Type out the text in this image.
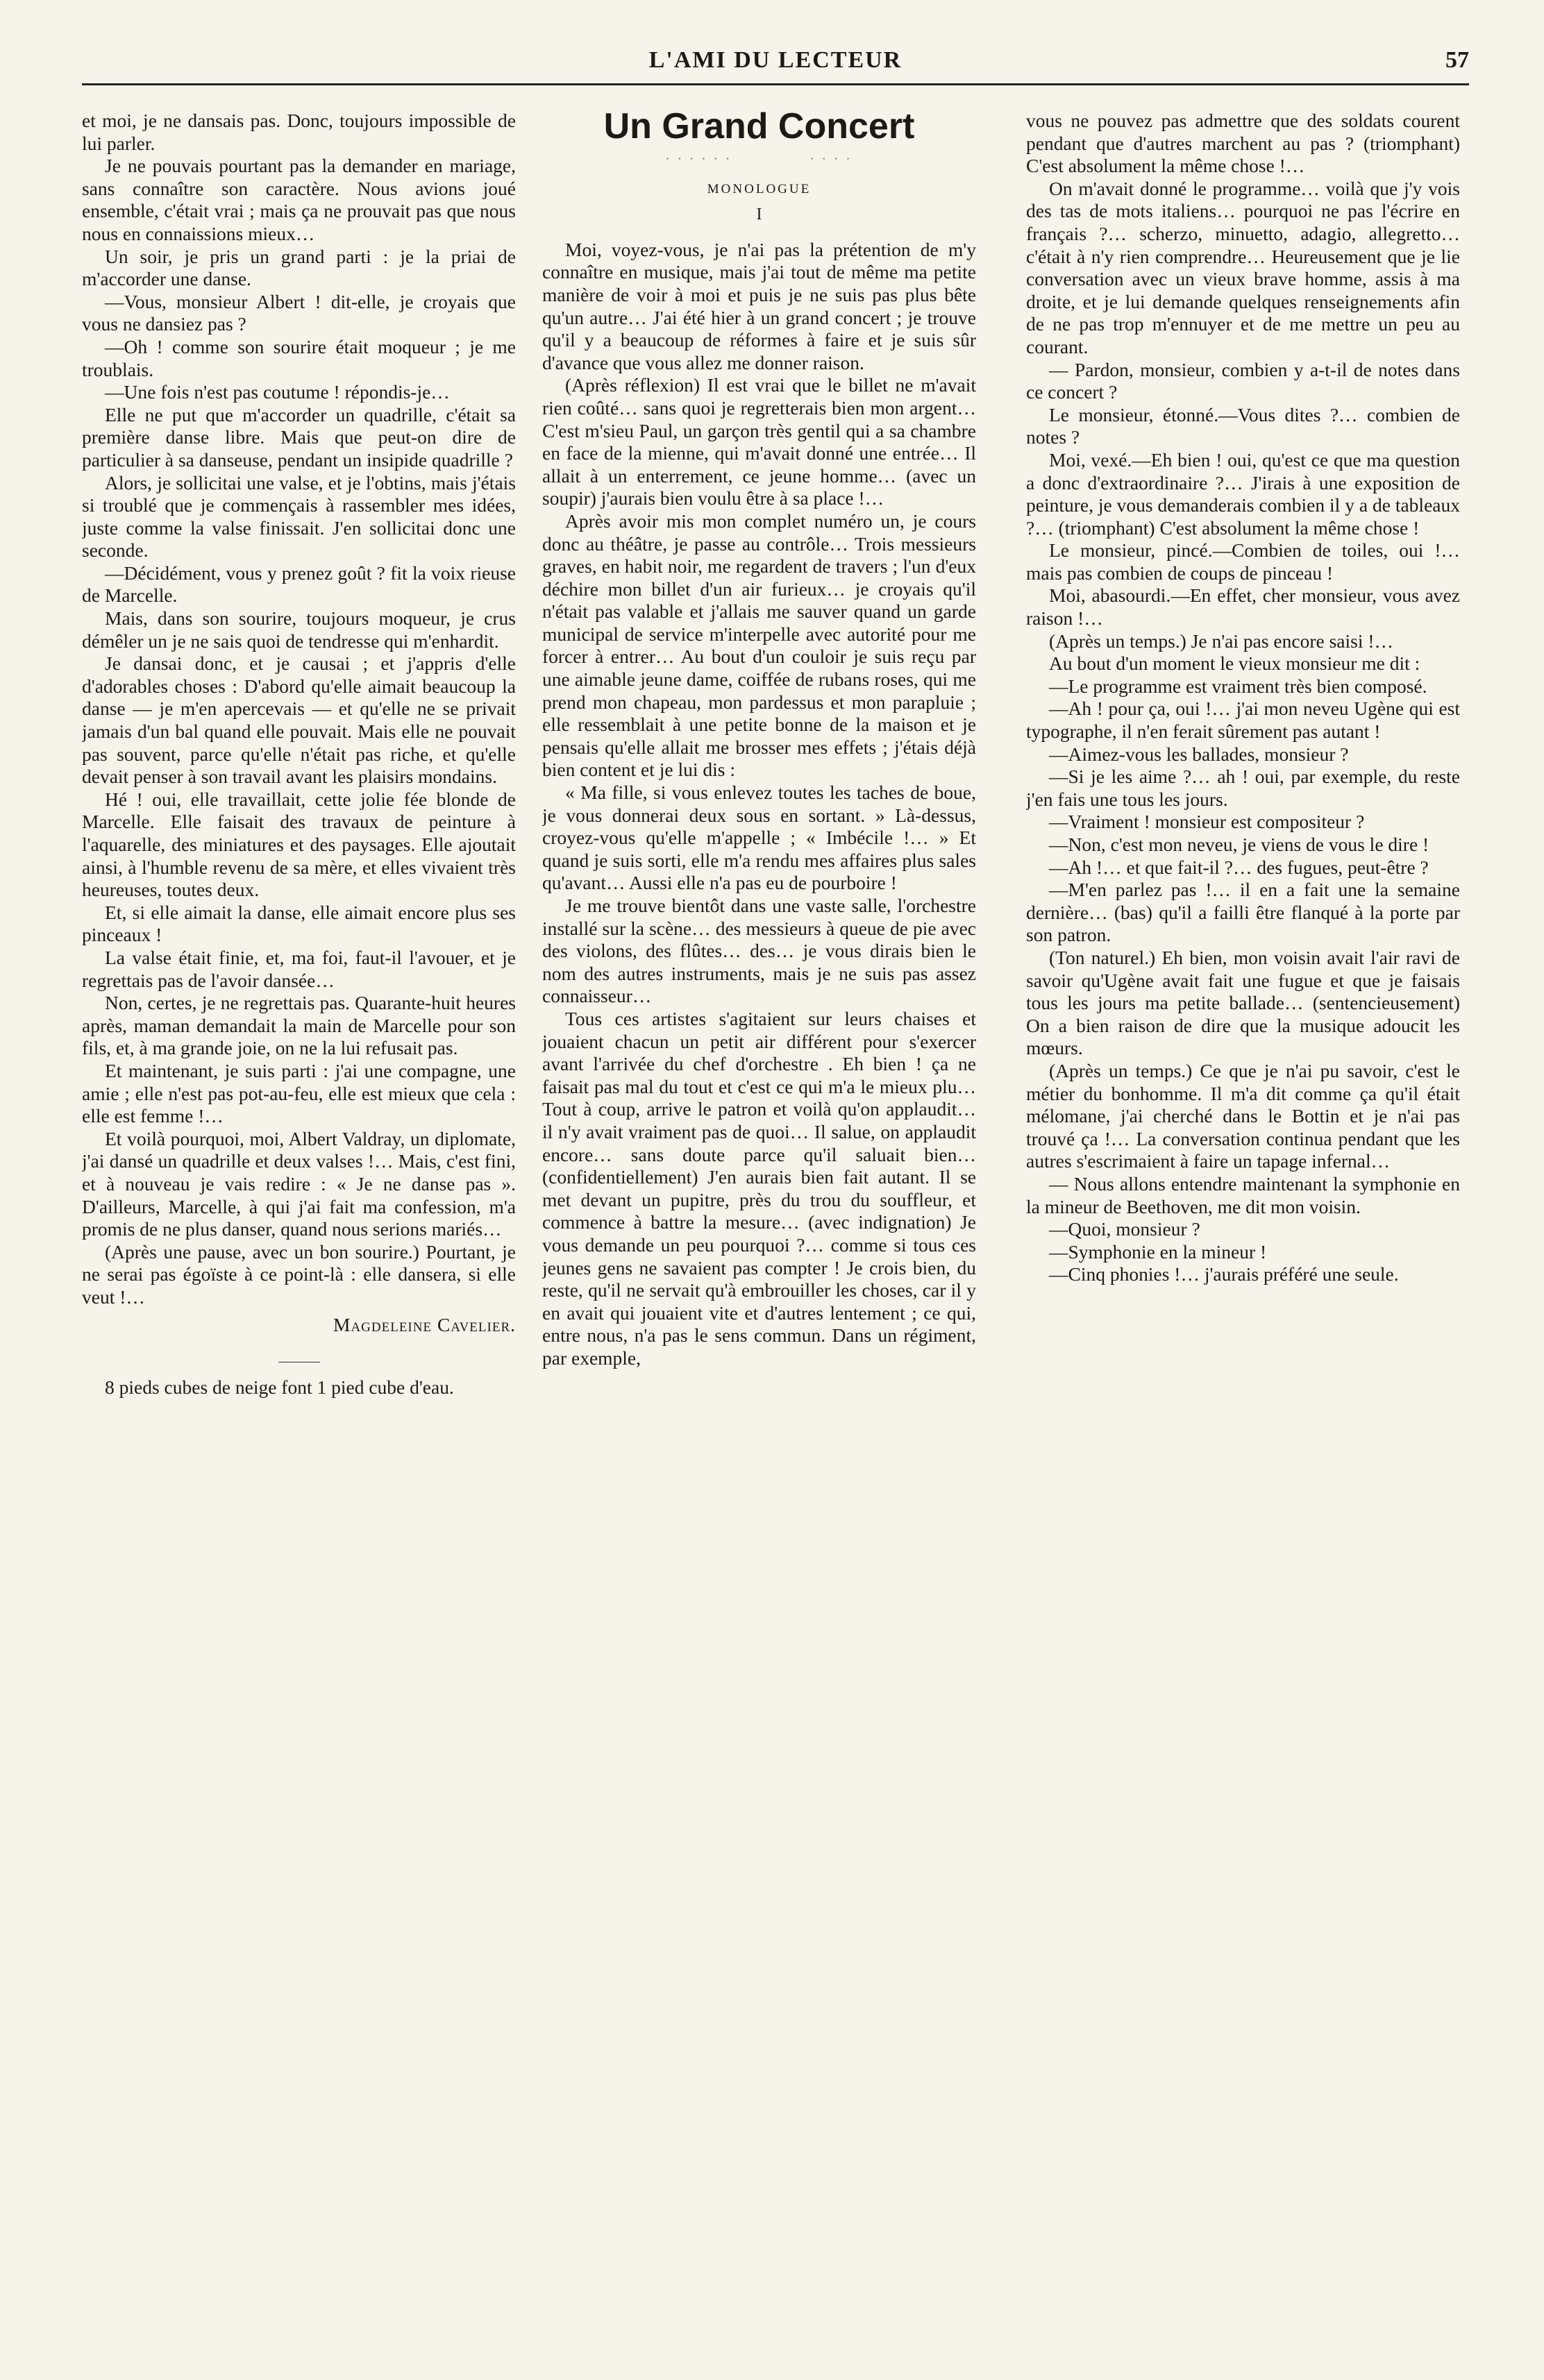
L'AMI DU LECTEUR	57

et moi, je ne dansais pas. Donc, toujours impossible de lui parler.

Je ne pouvais pourtant pas la demander en mariage, sans connaître son caractère. Nous avions joué ensemble, c'était vrai ; mais ça ne prouvait pas que nous nous en connaissions mieux…

Un soir, je pris un grand parti : je la priai de m'accorder une danse.

—Vous, monsieur Albert ! dit-elle, je croyais que vous ne dansiez pas ?

—Oh ! comme son sourire était moqueur ; je me troublais.

—Une fois n'est pas coutume ! répondis-je…

Elle ne put que m'accorder un quadrille, c'était sa première danse libre. Mais que peut-on dire de particulier à sa danseuse, pendant un insipide quadrille ?

Alors, je sollicitai une valse, et je l'obtins, mais j'étais si troublé que je commençais à rassembler mes idées, juste comme la valse finissait. J'en sollicitai donc une seconde.

—Décidément, vous y prenez goût ? fit la voix rieuse de Marcelle.

Mais, dans son sourire, toujours moqueur, je crus démêler un je ne sais quoi de tendresse qui m'enhardit.

Je dansai donc, et je causai ; et j'appris d'elle d'adorables choses : D'abord qu'elle aimait beaucoup la danse — je m'en apercevais — et qu'elle ne se privait jamais d'un bal quand elle pouvait. Mais elle ne pouvait pas souvent, parce qu'elle n'était pas riche, et qu'elle devait penser à son travail avant les plaisirs mondains.

Hé ! oui, elle travaillait, cette jolie fée blonde de Marcelle. Elle faisait des travaux de peinture à l'aquarelle, des miniatures et des paysages. Elle ajoutait ainsi, à l'humble revenu de sa mère, et elles vivaient très heureuses, toutes deux.

Et, si elle aimait la danse, elle aimait encore plus ses pinceaux !

La valse était finie, et, ma foi, faut-il l'avouer, et je regrettais pas de l'avoir dansée…

Non, certes, je ne regrettais pas. Quarante-huit heures après, maman demandait la main de Marcelle pour son fils, et, à ma grande joie, on ne la lui refusait pas.

Et maintenant, je suis parti : j'ai une compagne, une amie ; elle n'est pas pot-au-feu, elle est mieux que cela : elle est femme !…

Et voilà pourquoi, moi, Albert Valdray, un diplomate, j'ai dansé un quadrille et deux valses !… Mais, c'est fini, et à nouveau je vais redire : « Je ne danse pas ». D'ailleurs, Marcelle, à qui j'ai fait ma confession, m'a promis de ne plus danser, quand nous serions mariés…

(Après une pause, avec un bon sourire.) Pourtant, je ne serai pas égoïste à ce point-là : elle dansera, si elle veut !…

Magdeleine Cavelier.

8 pieds cubes de neige font 1 pied cube d'eau.

Un Grand Concert
· · · · · ·              · · · ·
MONOLOGUE
I

Moi, voyez-vous, je n'ai pas la prétention de m'y connaître en musique, mais j'ai tout de même ma petite manière de voir à moi et puis je ne suis pas plus bête qu'un autre… J'ai été hier à un grand concert ; je trouve qu'il y a beaucoup de réformes à faire et je suis sûr d'avance que vous allez me donner raison.

(Après réflexion) Il est vrai que le billet ne m'avait rien coûté… sans quoi je regretterais bien mon argent… C'est m'sieu Paul, un garçon très gentil qui a sa chambre en face de la mienne, qui m'avait donné une entrée… Il allait à un enterrement, ce jeune homme… (avec un soupir) j'aurais bien voulu être à sa place !…

Après avoir mis mon complet numéro un, je cours donc au théâtre, je passe au contrôle… Trois messieurs graves, en habit noir, me regardent de travers ; l'un d'eux déchire mon billet d'un air furieux… je croyais qu'il n'était pas valable et j'allais me sauver quand un garde municipal de service m'interpelle avec autorité pour me forcer à entrer… Au bout d'un couloir je suis reçu par une aimable jeune dame, coiffée de rubans roses, qui me prend mon chapeau, mon pardessus et mon parapluie ; elle ressemblait à une petite bonne de la maison et je pensais qu'elle allait me brosser mes effets ; j'étais déjà bien content et je lui dis :

« Ma fille, si vous enlevez toutes les taches de boue, je vous donnerai deux sous en sortant. » Là-dessus, croyez-vous qu'elle m'appelle ; « Imbécile !… » Et quand je suis sorti, elle m'a rendu mes affaires plus sales qu'avant… Aussi elle n'a pas eu de pourboire !

Je me trouve bientôt dans une vaste salle, l'orchestre installé sur la scène… des messieurs à queue de pie avec des violons, des flûtes… des… je vous dirais bien le nom des autres instruments, mais je ne suis pas assez connaisseur…

Tous ces artistes s'agitaient sur leurs chaises et jouaient chacun un petit air différent pour s'exercer avant l'arrivée du chef d'orchestre . Eh bien ! ça ne faisait pas mal du tout et c'est ce qui m'a le mieux plu… Tout à coup, arrive le patron et voilà qu'on applaudit… il n'y avait vraiment pas de quoi… Il salue, on applaudit encore… sans doute parce qu'il saluait bien… (confidentiellement) J'en aurais bien fait autant. Il se met devant un pupitre, près du trou du souffleur, et commence à battre la mesure… (avec indignation) Je vous demande un peu pourquoi ?… comme si tous ces jeunes gens ne savaient pas compter ! Je crois bien, du reste, qu'il ne servait qu'à embrouiller les choses, car il y en avait qui jouaient vite et d'autres lentement ; ce qui, entre nous, n'a pas le sens commun. Dans un régiment, par exemple,

vous ne pouvez pas admettre que des soldats courent pendant que d'autres marchent au pas ? (triomphant) C'est absolument la même chose !…

On m'avait donné le programme… voilà que j'y vois des tas de mots italiens… pourquoi ne pas l'écrire en français ?… scherzo, minuetto, adagio, allegretto… c'était à n'y rien comprendre… Heureusement que je lie conversation avec un vieux brave homme, assis à ma droite, et je lui demande quelques renseignements afin de ne pas trop m'ennuyer et de me mettre un peu au courant.

— Pardon, monsieur, combien y a-t-il de notes dans ce concert ?

Le monsieur, étonné.—Vous dites ?… combien de notes ?

Moi, vexé.—Eh bien ! oui, qu'est ce que ma question a donc d'extraordinaire ?… J'irais à une exposition de peinture, je vous demanderais combien il y a de tableaux ?… (triomphant) C'est absolument la même chose !

Le monsieur, pincé.—Combien de toiles, oui !… mais pas combien de coups de pinceau !

Moi, abasourdi.—En effet, cher monsieur, vous avez raison !…

(Après un temps.) Je n'ai pas encore saisi !…

Au bout d'un moment le vieux monsieur me dit :

—Le programme est vraiment très bien composé.

—Ah ! pour ça, oui !… j'ai mon neveu Ugène qui est typographe, il n'en ferait sûrement pas autant !

—Aimez-vous les ballades, monsieur ?

—Si je les aime ?… ah ! oui, par exemple, du reste j'en fais une tous les jours.

—Vraiment ! monsieur est compositeur ?

—Non, c'est mon neveu, je viens de vous le dire !

—Ah !… et que fait-il ?… des fugues, peut-être ?

—M'en parlez pas !… il en a fait une la semaine dernière… (bas) qu'il a failli être flanqué à la porte par son patron.

(Ton naturel.) Eh bien, mon voisin avait l'air ravi de savoir qu'Ugène avait fait une fugue et que je faisais tous les jours ma petite ballade… (sentencieusement) On a bien raison de dire que la musique adoucit les mœurs.

(Après un temps.) Ce que je n'ai pu savoir, c'est le métier du bonhomme. Il m'a dit comme ça qu'il était mélomane, j'ai cherché dans le Bottin et je n'ai pas trouvé ça !… La conversation continua pendant que les autres s'escrimaient à faire un tapage infernal…

— Nous allons entendre maintenant la symphonie en la mineur de Beethoven, me dit mon voisin.

—Quoi, monsieur ?

—Symphonie en la mineur !

—Cinq phonies !… j'aurais préféré une seule.
